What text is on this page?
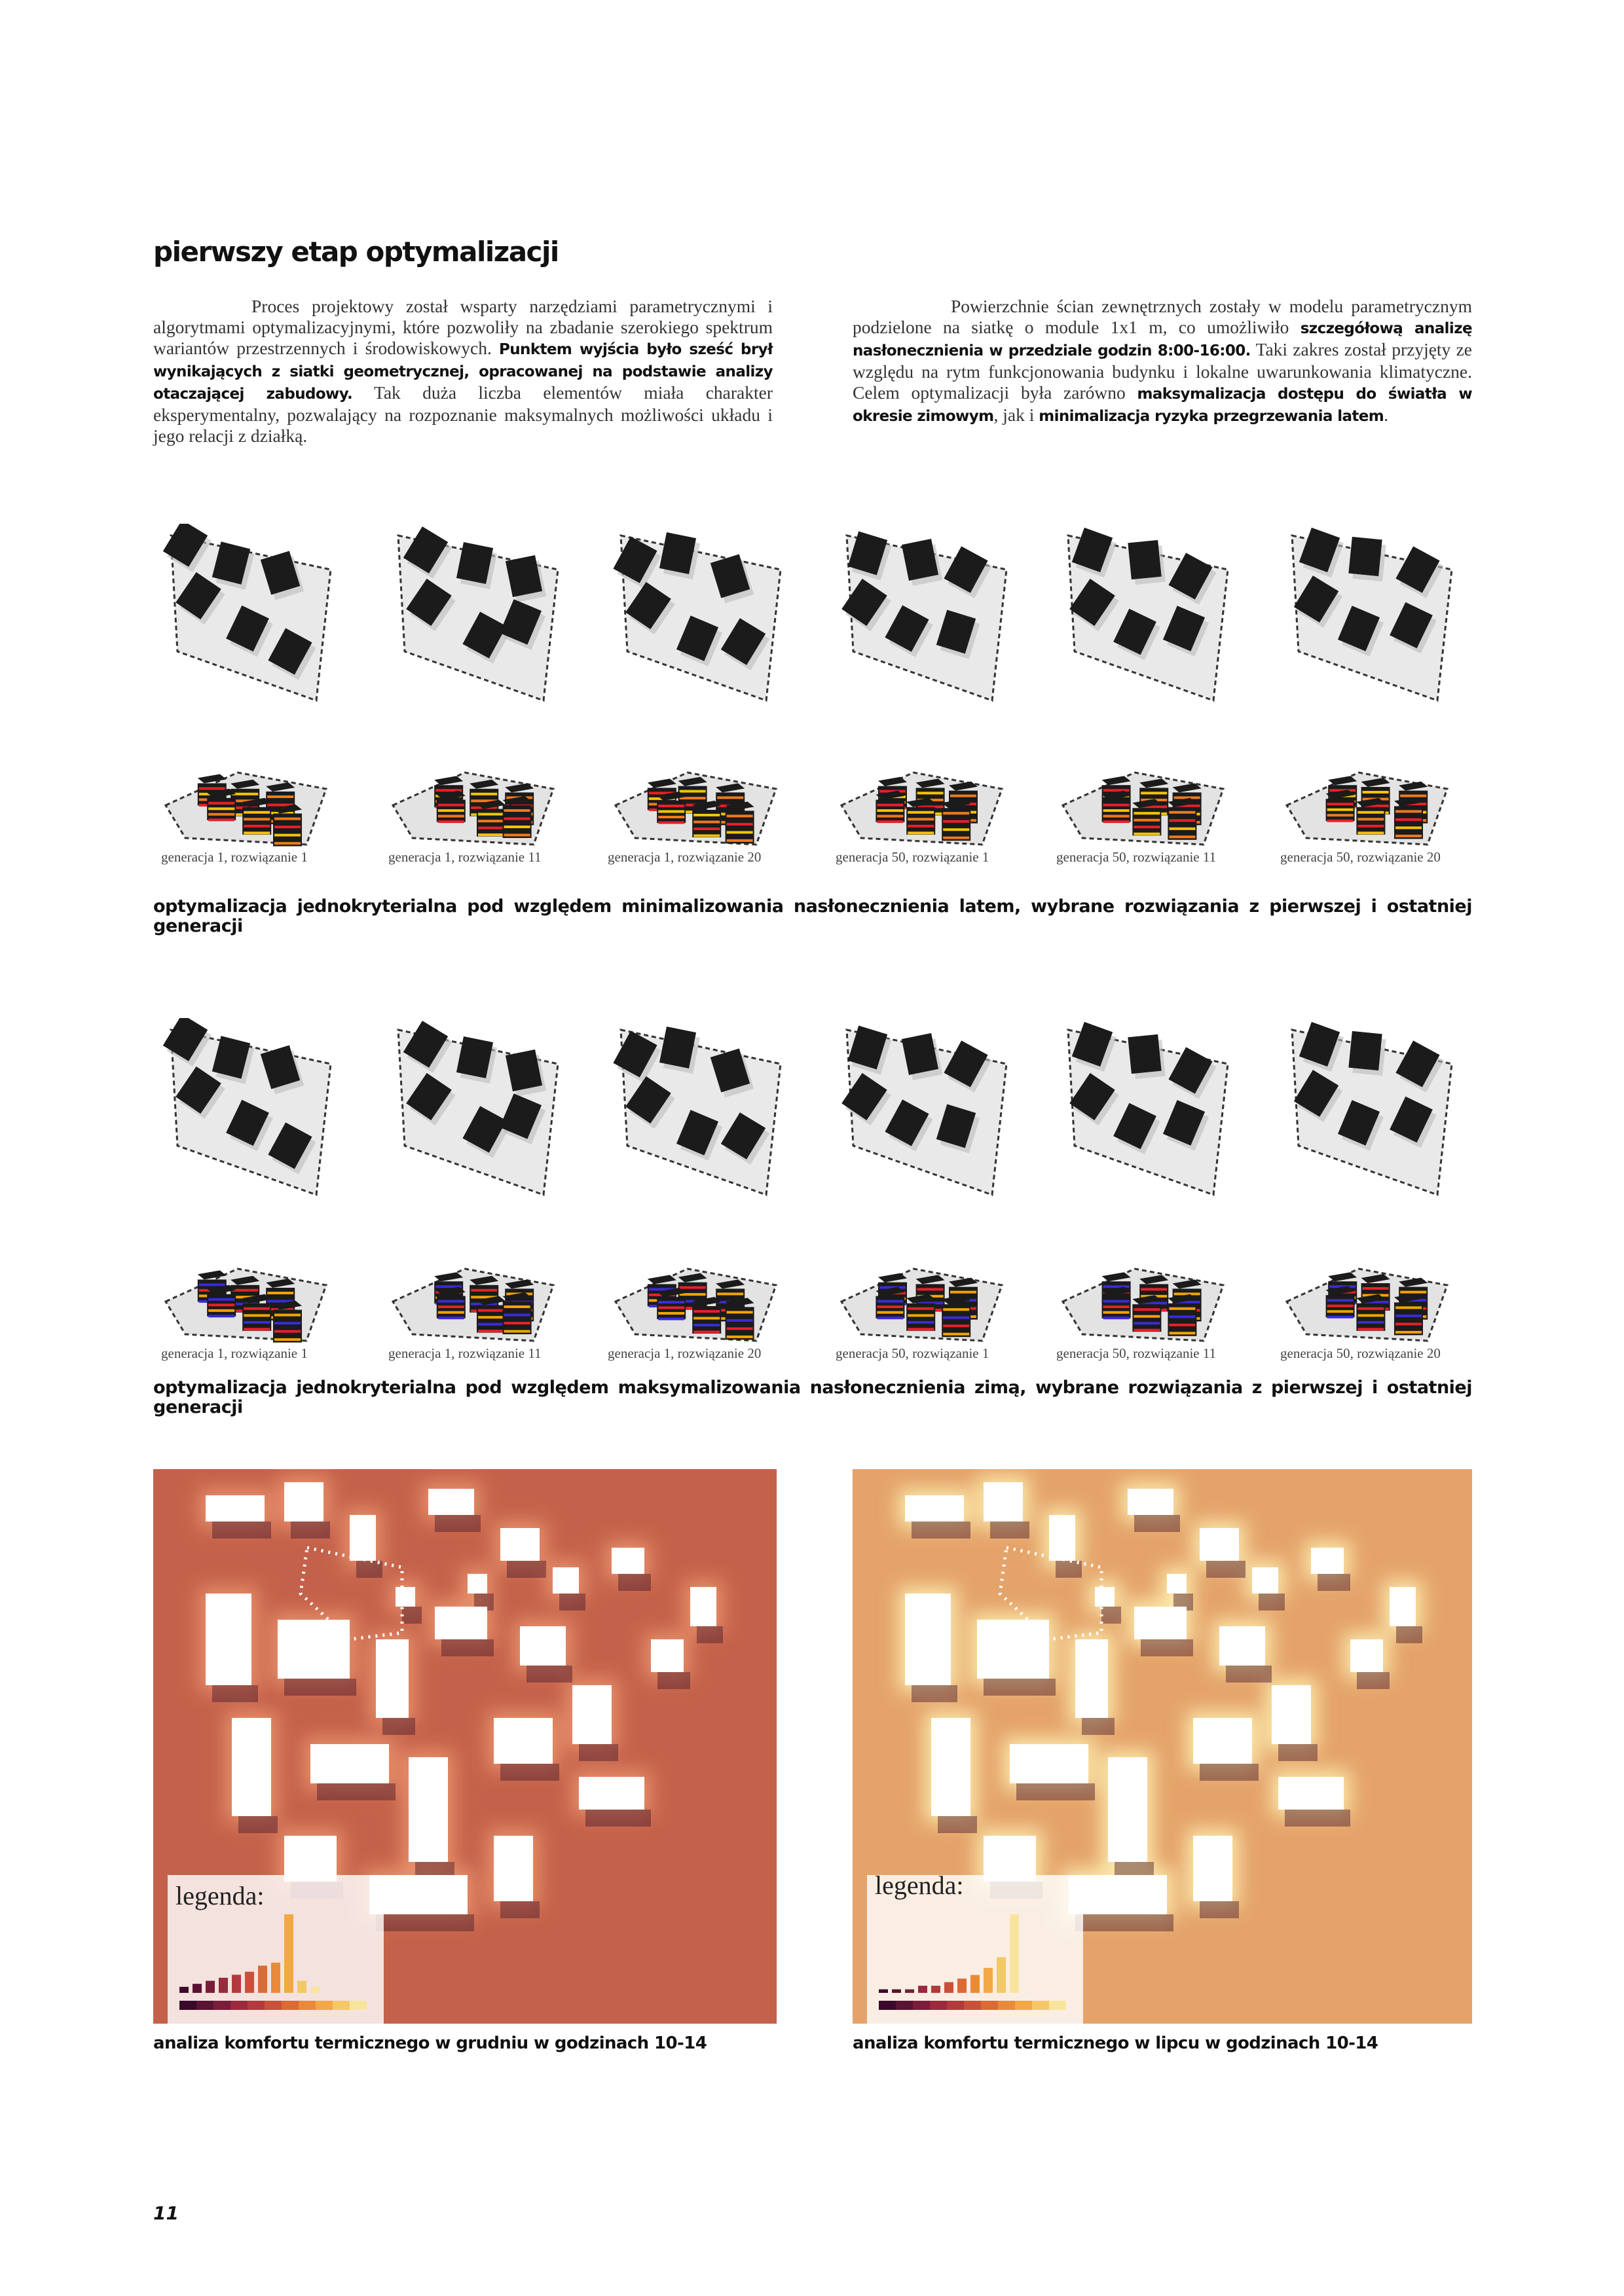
pierwszy etap optymalizacji
Proces projektowy został wsparty narzędziami parametrycznymi i algorytmami optymalizacyjnymi, które pozwoliły na zbadanie szerokiego spektrum wariantów przestrzennych i środowiskowych. Punktem wyjścia było sześć brył wynikających z siatki geometrycznej, opracowanej na podstawie analizy otaczającej zabudowy. Tak duża liczba elementów miała charakter eksperymentalny, pozwalający na rozpoznanie maksymalnych możliwości układu i jego relacji z działką.
Powierzchnie ścian zewnętrznych zostały w modelu parametrycznym podzielone na siatkę o module 1x1 m, co umożliwiło szczegółową analizę nasłonecznienia w przedziale godzin 8:00-16:00. Taki zakres został przyjęty ze względu na rytm funkcjonowania budynku i lokalne uwarunkowania klimatyczne. Celem optymalizacji była zarówno maksymalizacja dostępu do światła w okresie zimowym, jak i minimalizacja ryzyka przegrzewania latem.
generacja 1, rozwiązanie 1	generacja 1, rozwiązanie 11	generacja 1, rozwiązanie 20	generacja 50, rozwiązanie 1	generacja 50, rozwiązanie 11	generacja 50, rozwiązanie 20
optymalizacja jednokryterialna pod względem minimalizowania nasłonecznienia latem, wybrane rozwiązania z pierwszej i ostatniej generacji
generacja 1, rozwiązanie 1	generacja 1, rozwiązanie 11	generacja 1, rozwiązanie 20	generacja 50, rozwiązanie 1	generacja 50, rozwiązanie 11	generacja 50, rozwiązanie 20
optymalizacja jednokryterialna pod względem maksymalizowania nasłonecznienia zimą, wybrane rozwiązania z pierwszej i ostatniej generacji
legenda:
analiza komfortu termicznego w grudniu w godzinach 10-14
legenda:
analiza komfortu termicznego w lipcu w godzinach 10-14
11
